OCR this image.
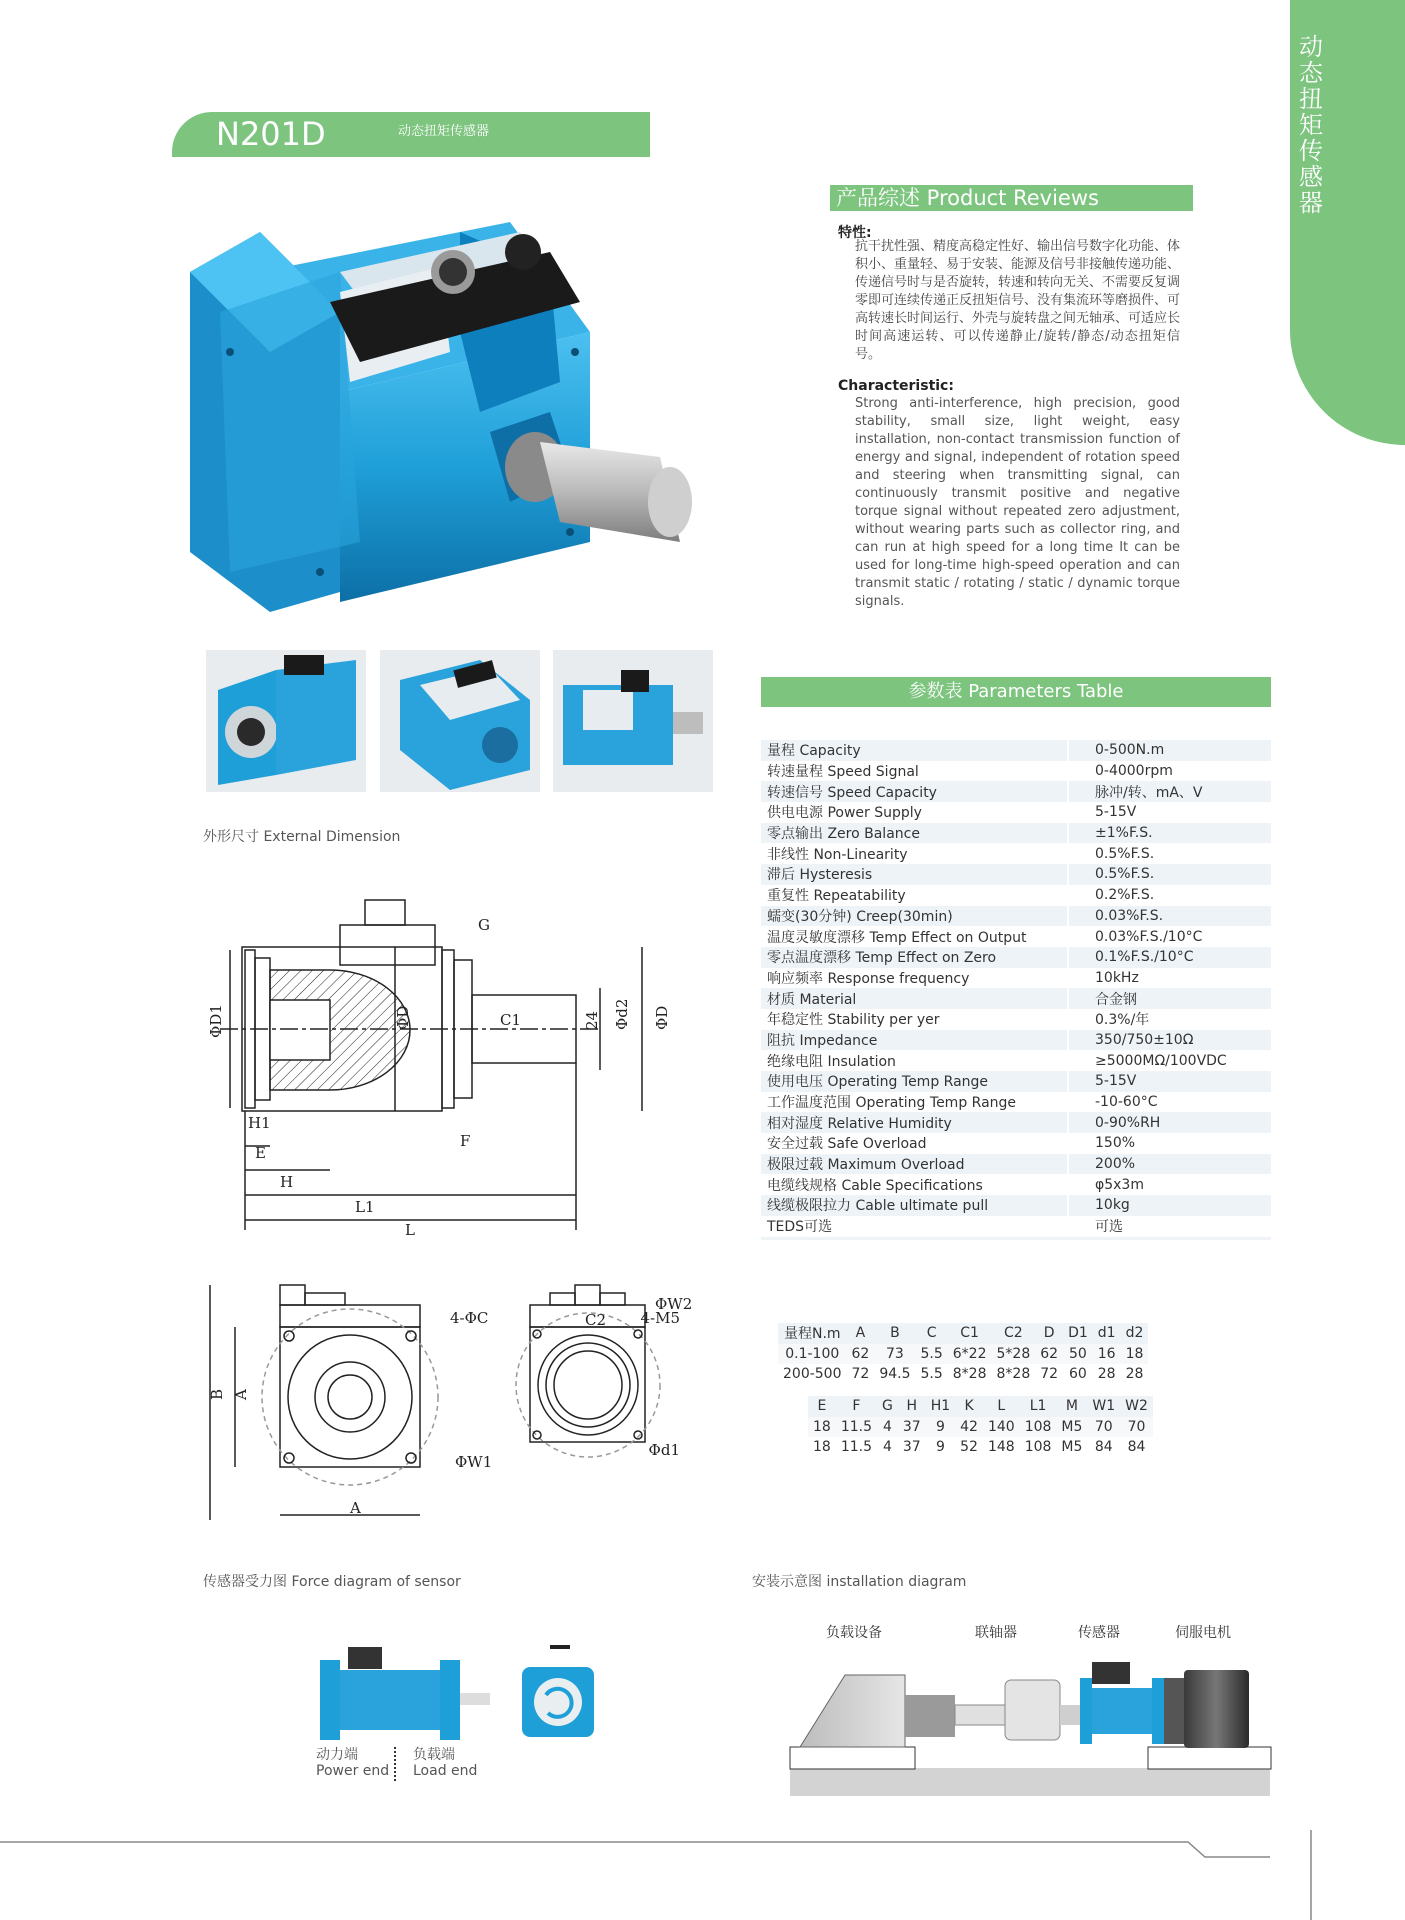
动态扭矩传感器
N201D	动态扭矩传感器
产品综述 Product Reviews
特性:
抗干扰性强、精度高稳定性好、输出信号数字化功能、体积小、重量轻、易于安装、能源及信号非接触传递功能、传递信号时与是否旋转，转速和转向无关、不需要反复调零即可连续传递正反扭矩信号、没有集流环等磨损件、可高转速长时间运行、外壳与旋转盘之间无轴承、可适应长时间高速运转、可以传递静止/旋转/静态/动态扭矩信号。
Characteristic:
Strong anti-interference, high precision, good stability, small size, light weight, easy installation, non-contact transmission function of energy and signal, independent of rotation speed and steering when transmitting signal, can continuously transmit positive and negative torque signal without repeated zero adjustment, without wearing parts such as collector ring, and can run at high speed for a long time It can be used for long-time high-speed operation and can transmit static / rotating / static / dynamic torque signals.
参数表 Parameters Table
量程 Capacity	0-500N.m
转速量程 Speed Signal	0-4000rpm
转速信号 Speed Capacity	脉冲/转、mA、V
供电电源 Power Supply	5-15V
零点输出 Zero Balance	±1%F.S.
非线性 Non-Linearity	0.5%F.S.
滞后 Hysteresis	0.5%F.S.
重复性 Repeatability	0.2%F.S.
蠕变(30分钟) Creep(30min)	0.03%F.S.
温度灵敏度漂移 Temp Effect on Output	0.03%F.S./10°C
零点温度漂移 Temp Effect on Zero	0.1%F.S./10°C
响应频率 Response frequency	10kHz
材质 Material	合金钢
年稳定性 Stability per yer	0.3%/年
阻抗 Impedance	350/750±10Ω
绝缘电阻 Insulation	≥5000MΩ/100VDC
使用电压 Operating Temp Range	5-15V
工作温度范围 Operating Temp Range	-10-60°C
相对湿度 Relative Humidity	0-90%RH
安全过载 Safe Overload	150%
极限过载 Maximum Overload	200%
电缆线规格 Cable Specifications	φ5x3m
线缆极限拉力 Cable ultimate pull	10kg
TEDS可选	可选
外形尺寸 External Dimension
ΦD1	ΦD	C1	24 Φd2 ΦD
G
H1
E
F
H
L1
L
B A
A
4-ΦC
ΦW1
ΦW2
C2 4-M5
Φd1
量程N.m	A	B	C	C1	C2	D	D1	d1	d2
0.1-100	62	73	5.5	6*22	5*28	62	50	16	18
200-500	72	94.5	5.5	8*28	8*28	72	60	28	28
E	F	G	H	H1	K	L	L1	M	W1	W2
18	11.5	4	37	9	42	140	108	M5	70	70
18	11.5	4	37	9	52	148	108	M5	84	84
传感器受力图 Force diagram of sensor
动力端
Power end
负载端
Load end
安装示意图 installation diagram
负载设备	联轴器	传感器	伺服电机
